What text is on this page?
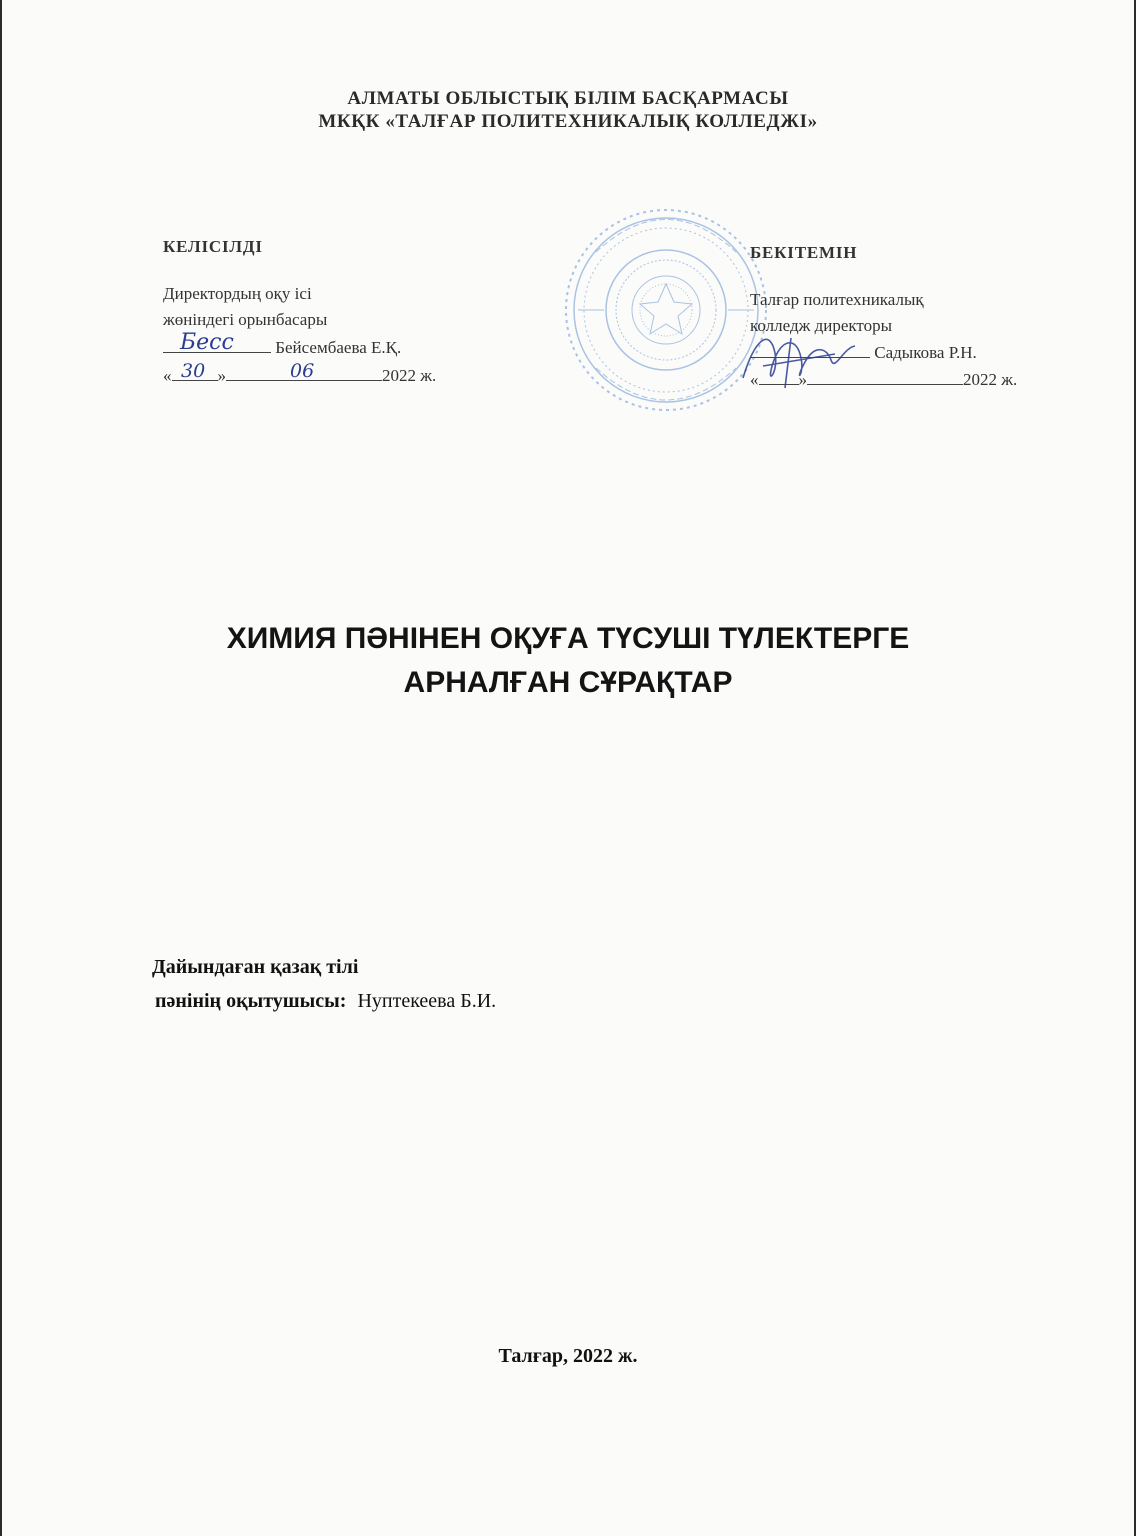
АЛМАТЫ ОБЛЫСТЫҚ БІЛІМ БАСҚАРМАСЫ
МКҚК «ТАЛҒАР ПОЛИТЕХНИКАЛЫҚ КОЛЛЕДЖІ»
КЕЛІСІЛДІ
Директордың оқу ісі
жөніндегі орынбасары
Бейсембаева Е.Қ.
Бесс
«	»	2022 ж.
30	06
БЕКІТЕМІН
Талғар политехникалық
колледж директоры
Садыкова Р.Н.
« »	2022 ж.
ХИМИЯ ПӘНІНЕН ОҚУҒА ТҮСУШІ ТҮЛЕКТЕРГЕ
АРНАЛҒАН СҰРАҚТАР
Дайындаған қазақ тілі
пәнінің оқытушысы: Нуптекеева Б.И.
Талғар, 2022 ж.
